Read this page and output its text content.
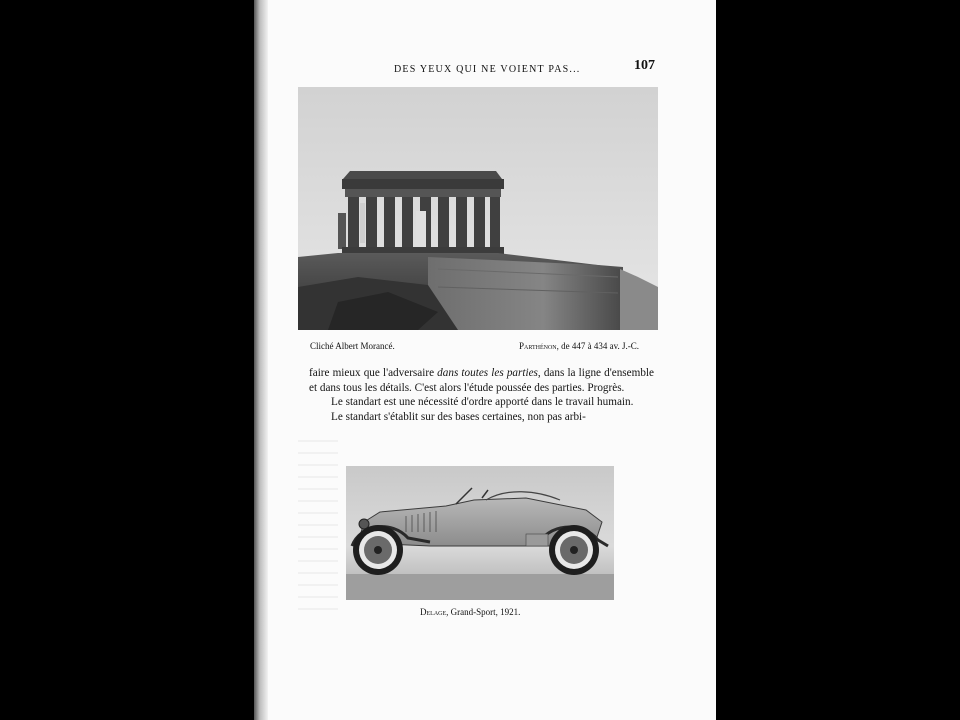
DES YEUX QUI NE VOIENT PAS...	107
Cliché Albert Morancé.	Parthénon, de 447 à 434 av. J.-C.

faire mieux que l'adversaire dans toutes les parties, dans la ligne d'ensemble et dans tous les détails. C'est alors l'étude poussée des parties. Progrès.

Le standart est une nécessité d'ordre apporté dans le travail humain.

Le standart s'établit sur des bases certaines, non pas arbi-

Delage, Grand-Sport, 1921.
